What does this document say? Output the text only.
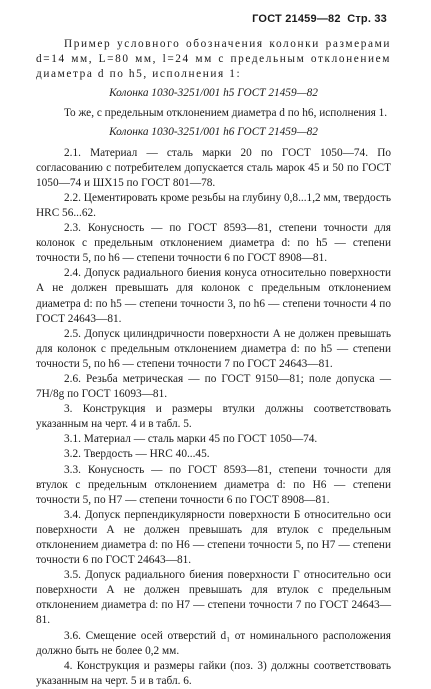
ГОСТ 21459—82 Стр. 33

Пример условного обозначения колонки размерами d=14 мм, L=80 мм, l=24 мм с предельным отклонением диаметра d по h5, исполнения 1:

Колонка 1030-3251/001 h5 ГОСТ 21459—82

То же, с предельным отклонением диаметра d по h6, исполнения 1.

Колонка 1030-3251/001 h6 ГОСТ 21459—82

2.1. Материал — сталь марки 20 по ГОСТ 1050—74. По согласованию с потребителем допускается сталь марок 45 и 50 по ГОСТ 1050—74 и ШХ15 по ГОСТ 801—78.

2.2. Цементировать кроме резьбы на глубину 0,8...1,2 мм, твердость HRC 56...62.

2.3. Конусность — по ГОСТ 8593—81, степени точности для колонок с предельным отклонением диаметра d: по h5 — степени точности 5, по h6 — степени точности 6 по ГОСТ 8908—81.

2.4. Допуск радиального биения конуса относительно поверхности А не должен превышать для колонок с предельным отклонением диаметра d: по h5 — степени точности 3, по h6 — степени точности 4 по ГОСТ 24643—81.

2.5. Допуск цилиндричности поверхности А не должен превышать для колонок с предельным отклонением диаметра d: по h5 — степени точности 5, по h6 — степени точности 7 по ГОСТ 24643—81.

2.6. Резьба метрическая — по ГОСТ 9150—81; поле допуска — 7H/8g по ГОСТ 16093—81.

3. Конструкция и размеры втулки должны соответствовать указанным на черт. 4 и в табл. 5.

3.1. Материал — сталь марки 45 по ГОСТ 1050—74.

3.2. Твердость — HRC 40...45.

3.3. Конусность — по ГОСТ 8593—81, степени точности для втулок с предельным отклонением диаметра d: по H6 — степени точности 5, по H7 — степени точности 6 по ГОСТ 8908—81.

3.4. Допуск перпендикулярности поверхности Б относительно оси поверхности А не должен превышать для втулок с предельным отклонением диаметра d: по H6 — степени точности 5, по H7 — степени точности 6 по ГОСТ 24643—81.

3.5. Допуск радиального биения поверхности Г относительно оси поверхности А не должен превышать для втулок с предельным отклонением диаметра d: по H7 — степени точности 7 по ГОСТ 24643—81.

3.6. Смещение осей отверстий d₁ от номинального расположения должно быть не более 0,2 мм.

4. Конструкция и размеры гайки (поз. 3) должны соответствовать указанным на черт. 5 и в табл. 6.
